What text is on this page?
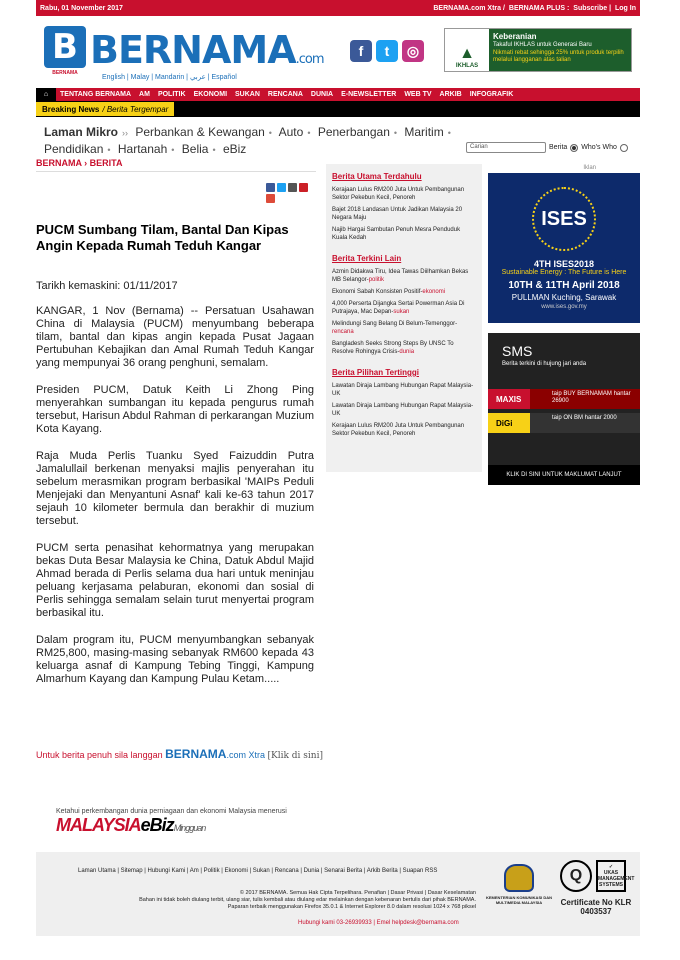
Rabu, 01 November 2017	BERNAMA.com Xtra / BERNAMA PLUS : Subscribe | Log In
B
BERNAMA
BERNAMA.com
English | Malay | Mandarin | عربي | Español
f	t	◎	▲
IKHLAS
Keberanian
Takaful IKHLAS untuk Generasi Baru
Nikmati rebat sehingga 25% untuk produk terpilih melalui langganan atas talian
⌂	TENTANG BERNAMA	AM	POLITIK	EKONOMI	SUKAN	RENCANA	DUNIA	E-NEWSLETTER	WEB TV	ARKIB	INFOGRAFIK
Breaking News / Berita Tergempar
Laman Mikro ›› Perbankan & Kewangan • Auto • Penerbangan • Maritim •
Pendidikan • Hartanah • Belia • eBiz	Carian	Berita Who's Who
BERNAMA › BERITA
PUCM Sumbang Tilam, Bantal Dan Kipas Angin Kepada Rumah Teduh Kangar
Tarikh kemaskini: 01/11/2017

KANGAR, 1 Nov (Bernama) -- Persatuan Usahawan China di Malaysia (PUCM) menyumbang beberapa tilam, bantal dan kipas angin kepada Pusat Jagaan Pertubuhan Kebajikan dan Amal Rumah Teduh Kangar yang mempunyai 36 orang penghuni, semalam.

Presiden PUCM, Datuk Keith Li Zhong Ping menyerahkan sumbangan itu kepada pengurus rumah tersebut, Harisun Abdul Rahman di perkarangan Muzium Kota Kayang.

Raja Muda Perlis Tuanku Syed Faizuddin Putra Jamalullail berkenan menyaksi majlis penyerahan itu sebelum merasmikan program berbasikal 'MAIPs Peduli Menjejaki dan Menyantuni Asnaf' kali ke-63 tahun 2017 sejauh 10 kilometer bermula dan berakhir di muzium tersebut.

PUCM serta penasihat kehormatnya yang merupakan bekas Duta Besar Malaysia ke China, Datuk Abdul Majid Ahmad berada di Perlis selama dua hari untuk meninjau peluang kerjasama pelaburan, ekonomi dan sosial di Perlis sehingga semalam selain turut menyertai program berbasikal itu.

Dalam program itu, PUCM menyumbangkan sebanyak RM25,800, masing-masing sebanyak RM600 kepada 43 keluarga asnaf di Kampung Tebing Tinggi, Kampung Almarhum Kayang dan Kampung Pulau Ketam.....

Untuk berita penuh sila langgan BERNAMA.com Xtra [Klik di sini]
Berita Utama Terdahulu
Kerajaan Lulus RM200 Juta Untuk Pembangunan Sektor Pekebun Kecil, Penoreh
Bajet 2018 Landasan Untuk Jadikan Malaysia 20 Negara Maju
Najib Hargai Sambutan Penuh Mesra Penduduk Kuala Kedah
Berita Terkini Lain
Azmin Didakwa Tiru, Idea Tawas Diilhamkan Bekas MB Selangor-politik
Ekonomi Sabah Konsisten Positif-ekonomi
4,000 Perserta Dijangka Sertai Powerman Asia Di Putrajaya, Mac Depan-sukan
Melindungi Sang Belang Di Belum-Temenggor-rencana
Bangladesh Seeks Strong Steps By UNSC To Resolve Rohingya Crisis-dunia
Berita Pilihan Tertinggi
Lawatan Diraja Lambang Hubungan Rapat Malaysia-UK
Lawatan Diraja Lambang Hubungan Rapat Malaysia-UK
Kerajaan Lulus RM200 Juta Untuk Pembangunan Sektor Pekebun Kecil, Penoreh
Iklan
ISES
4TH ISES2018
Sustainable Energy : The Future is Here
10TH & 11TH April 2018
PULLMAN Kuching, Sarawak
www.ises.gov.my
SMS
Berita terkini di hujung jari anda
MAXIS
taip BUY BERNAMAM hantar 26900
DiGi
taip ON BM hantar 2000
KLIK DI SINI UNTUK MAKLUMAT LANJUT
Ketahui perkembangan dunia perniagaan dan ekonomi Malaysia menerusi
MALAYSIAeBizMingguan
Laman Utama | Sitemap | Hubungi Kami | Am | Politik | Ekonomi | Sukan | Rencana | Dunia | Senarai Berita | Arkib Berita | Suapan RSS
© 2017 BERNAMA. Semua Hak Cipta Terpelihara. Penafian | Dasar Privasi | Dasar Keselamatan
Bahan ini tidak boleh diulang terbit, ulang siar, tulis kembali atau diulang edar melainkan dengan kebenaran bertulis dari pihak BERNAMA.
Paparan terbaik menggunakan Firefox 35.0.1 & Internet Explorer 8.0 dalam resolusi 1024 x 768 piksel
Hubungi kami 03-26939933 | Emel helpdesk@bernama.com
KEMENTERIAN KOMUNIKASI DAN MULTIMEDIA MALAYSIA
Q	✓
UKAS MANAGEMENT SYSTEMS
Certificate No KLR 0403537
